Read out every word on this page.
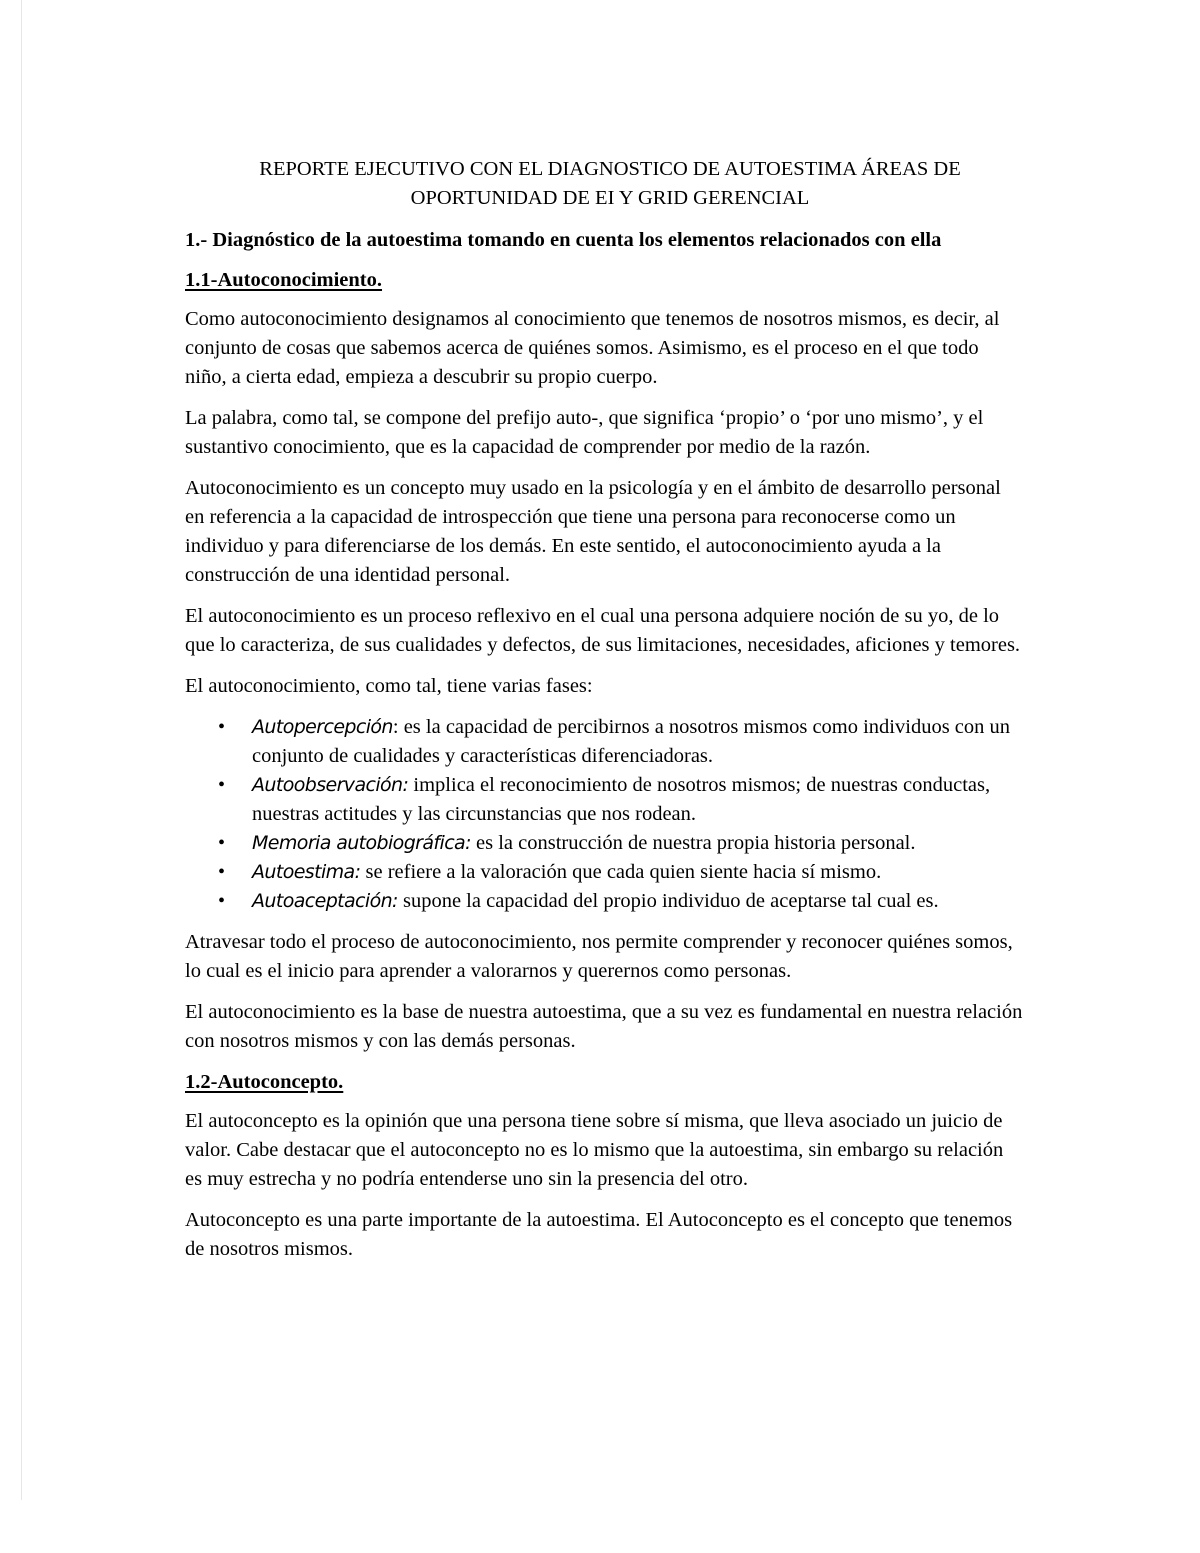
REPORTE EJECUTIVO CON EL DIAGNOSTICO DE AUTOESTIMA ÁREAS DE
OPORTUNIDAD DE EI Y GRID GERENCIAL
1.- Diagnóstico de la autoestima tomando en cuenta los elementos relacionados con ella
1.1-Autoconocimiento.

Como autoconocimiento designamos al conocimiento que tenemos de nosotros mismos, es decir, al conjunto de cosas que sabemos acerca de quiénes somos. Asimismo, es el proceso en el que todo niño, a cierta edad, empieza a descubrir su propio cuerpo.

La palabra, como tal, se compone del prefijo auto-, que significa ‘propio’ o ‘por uno mismo’, y el sustantivo conocimiento, que es la capacidad de comprender por medio de la razón.

Autoconocimiento es un concepto muy usado en la psicología y en el ámbito de desarrollo personal en referencia a la capacidad de introspección que tiene una persona para reconocerse como un individuo y para diferenciarse de los demás. En este sentido, el autoconocimiento ayuda a la construcción de una identidad personal.

El autoconocimiento es un proceso reflexivo en el cual una persona adquiere noción de su yo, de lo que lo caracteriza, de sus cualidades y defectos, de sus limitaciones, necesidades, aficiones y temores.

El autoconocimiento, como tal, tiene varias fases:

• Autopercepción: es la capacidad de percibirnos a nosotros mismos como individuos con un conjunto de cualidades y características diferenciadoras.
• Autoobservación: implica el reconocimiento de nosotros mismos; de nuestras conductas, nuestras actitudes y las circunstancias que nos rodean.
• Memoria autobiográfica: es la construcción de nuestra propia historia personal.
• Autoestima: se refiere a la valoración que cada quien siente hacia sí mismo.
• Autoaceptación: supone la capacidad del propio individuo de aceptarse tal cual es.

Atravesar todo el proceso de autoconocimiento, nos permite comprender y reconocer quiénes somos, lo cual es el inicio para aprender a valorarnos y querernos como personas.

El autoconocimiento es la base de nuestra autoestima, que a su vez es fundamental en nuestra relación con nosotros mismos y con las demás personas.

1.2-Autoconcepto.

El autoconcepto es la opinión que una persona tiene sobre sí misma, que lleva asociado un juicio de valor. Cabe destacar que el autoconcepto no es lo mismo que la autoestima, sin embargo su relación es muy estrecha y no podría entenderse uno sin la presencia del otro.

Autoconcepto es una parte importante de la autoestima. El Autoconcepto es el concepto que tenemos de nosotros mismos.
